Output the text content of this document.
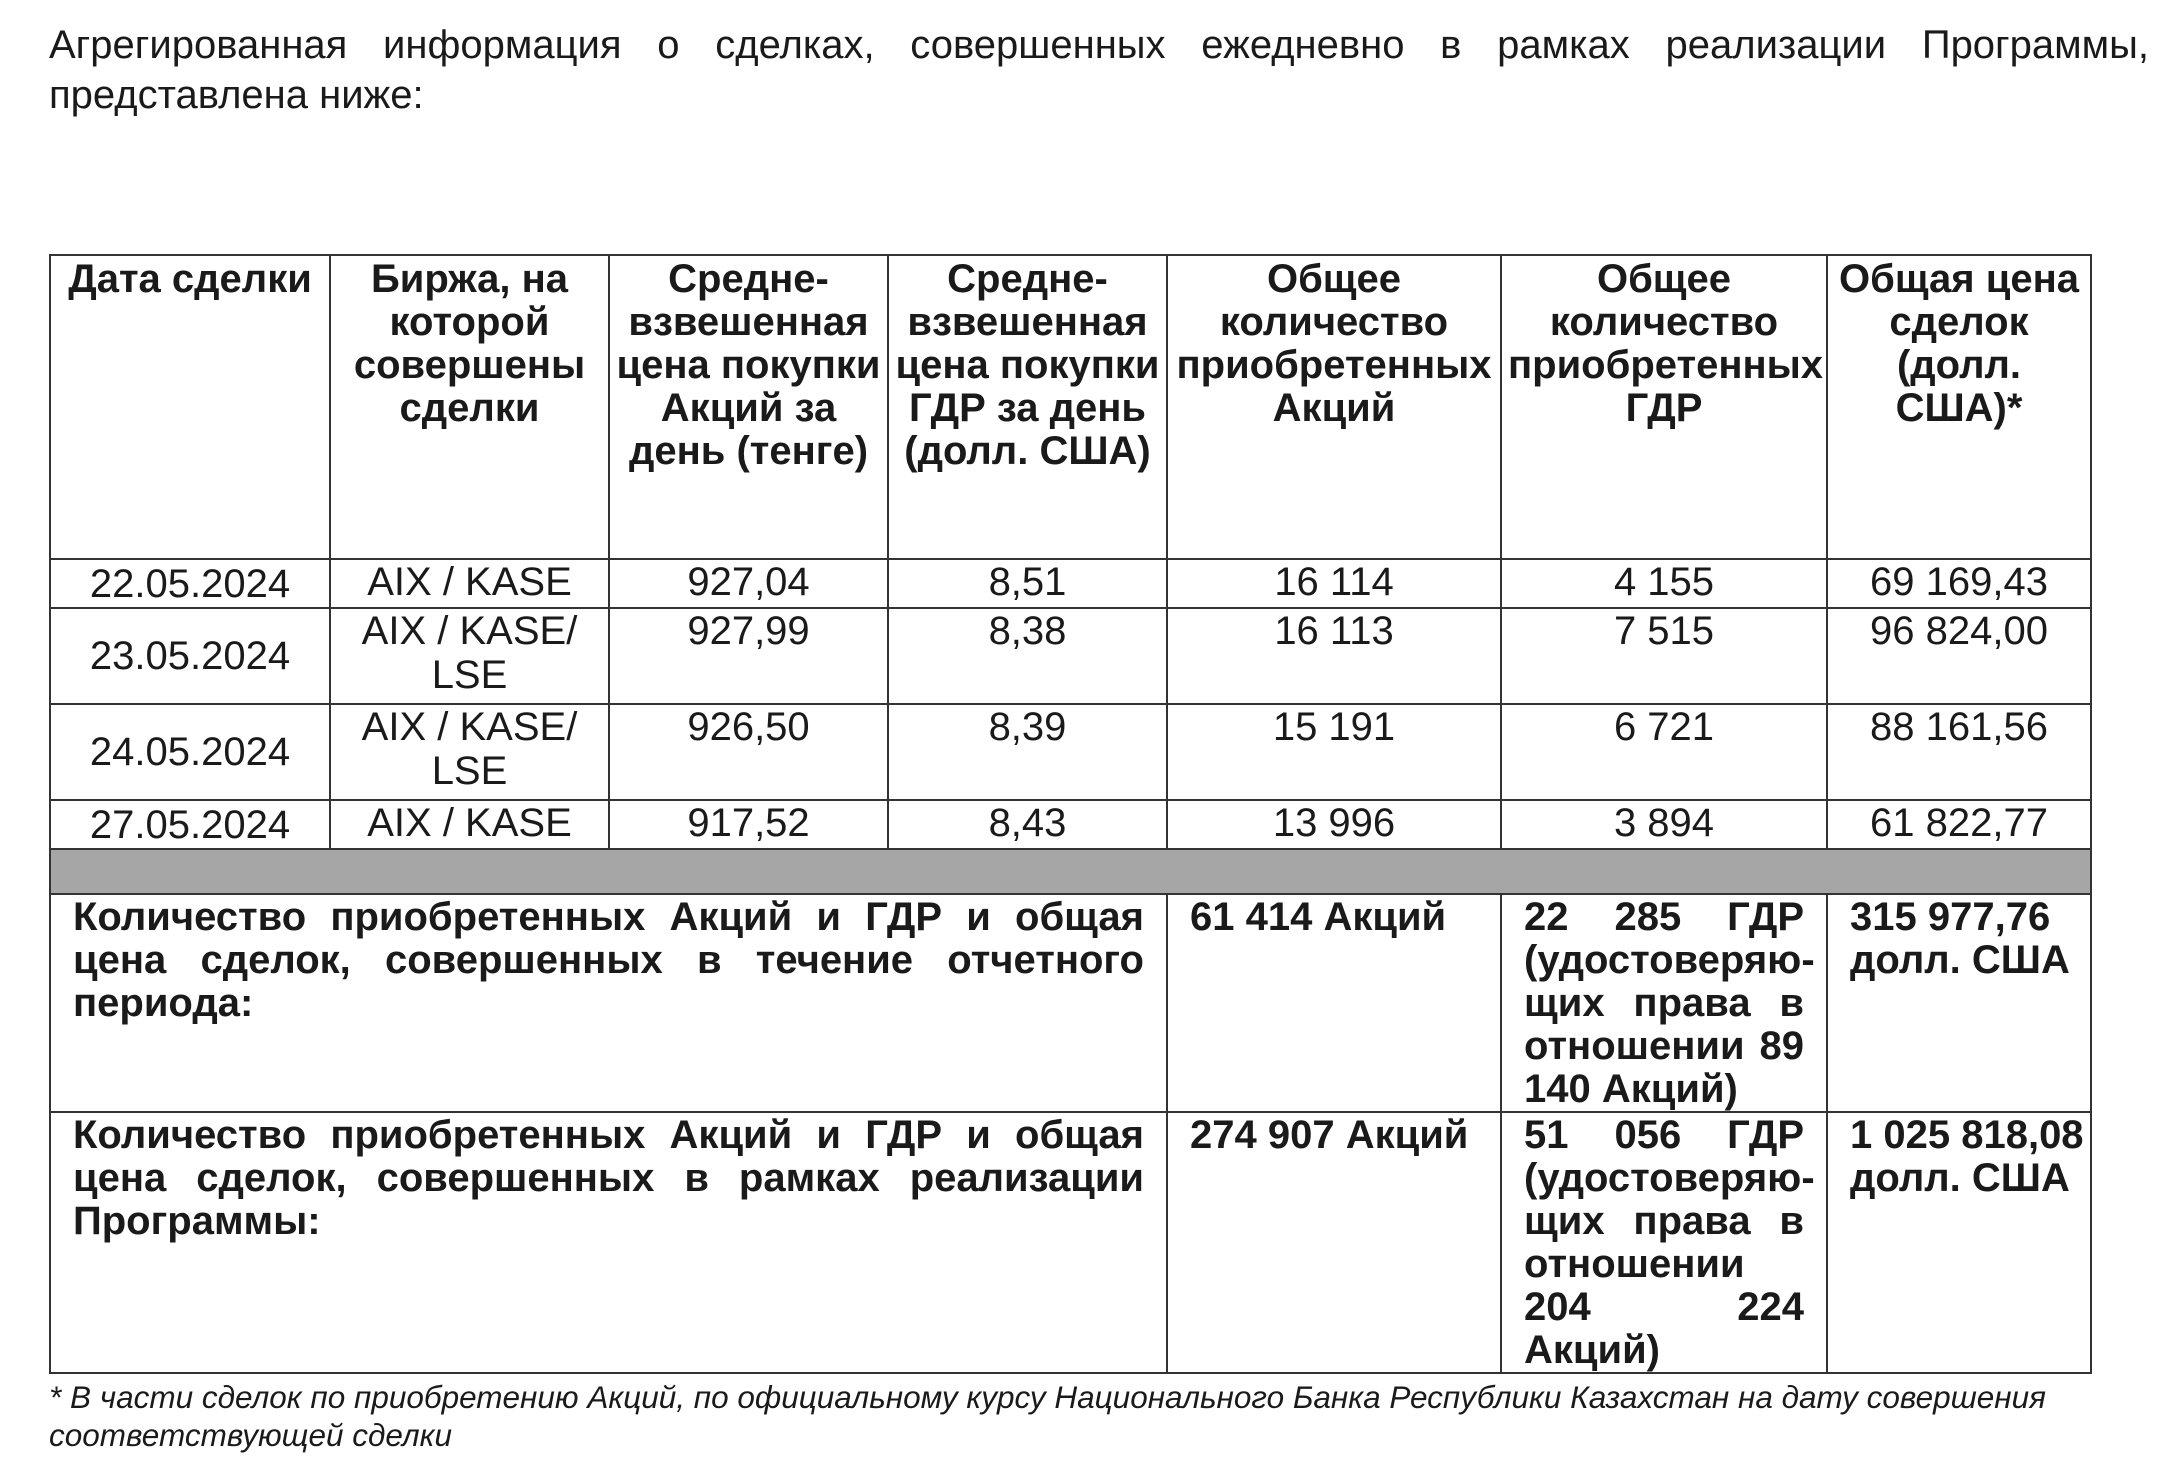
Агрегированная информация о сделках, совершенных ежедневно в рамках реализации Программы,
представлена ниже:

Дата сделки	Биржа, на которой совершены сделки	Средне-взвешенная цена покупки Акций за день (тенге)	Средне-взвешенная цена покупки ГДР за день (долл. США)	Общее количество приобретенных Акций	Общее количество приобретенных ГДР	Общая цена сделок (долл. США)*
22.05.2024	AIX / KASE	927,04	8,51	16 114	4 155	69 169,43
23.05.2024	AIX / KASE/ LSE	927,99	8,38	16 113	7 515	96 824,00
24.05.2024	AIX / KASE/ LSE	926,50	8,39	15 191	6 721	88 161,56
27.05.2024	AIX / KASE	917,52	8,43	13 996	3 894	61 822,77

Количество приобретенных Акций и ГДР и общая цена сделок, совершенных в течение отчетного периода:				61 414 Акций	22 285 ГДР (удостоверяю-щих права в отношении 89 140 Акций)	315 977,76 долл. США
Количество приобретенных Акций и ГДР и общая цена сделок, совершенных в рамках реализации Программы:				274 907 Акций	51 056 ГДР (удостоверяю-щих права в отношении 204 224 Акций)	1 025 818,08 долл. США

* В части сделок по приобретению Акций, по официальному курсу Национального Банка Республики Казахстан на дату совершения соответствующей сделки
